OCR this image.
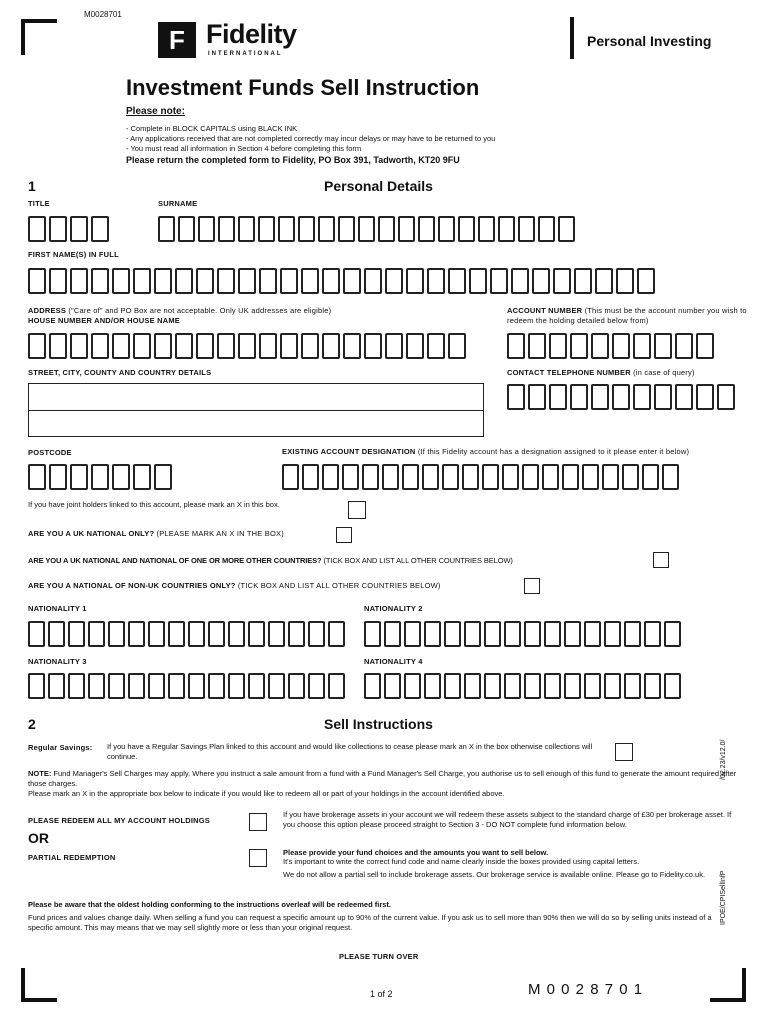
M0028701
F Fidelity
INTERNATIONAL
Personal Investing
Investment Funds Sell Instruction
Please note:
- Complete in BLOCK CAPITALS using BLACK INK
- Any applications received that are not completed correctly may incur delays or may have to be returned to you
- You must read all information in Section 4 before completing this form
Please return the completed form to Fidelity, PO Box 391, Tadworth, KT20 9FU
1	Personal Details
TITLE	SURNAME
FIRST NAME(S) IN FULL
ADDRESS ("Care of" and PO Box are not acceptable. Only UK addresses are eligible)
HOUSE NUMBER AND/OR HOUSE NAME
ACCOUNT NUMBER (This must be the account number you wish to redeem the holding detailed below from)
STREET, CITY, COUNTY AND COUNTRY DETAILS	CONTACT TELEPHONE NUMBER (in case of query)
POSTCODE	EXISTING ACCOUNT DESIGNATION (If this Fidelity account has a designation assigned to it please enter it below)
If you have joint holders linked to this account, please mark an X in this box.
ARE YOU A UK NATIONAL ONLY? (PLEASE MARK AN X IN THE BOX)
ARE YOU A UK NATIONAL AND NATIONAL OF ONE OR MORE OTHER COUNTRIES? (TICK BOX AND LIST ALL OTHER COUNTRIES BELOW)
ARE YOU A NATIONAL OF NON-UK COUNTRIES ONLY? (TICK BOX AND LIST ALL OTHER COUNTRIES BELOW)
NATIONALITY 1	NATIONALITY 2
NATIONALITY 3	NATIONALITY 4
2	Sell Instructions
Regular Savings: If you have a Regular Savings Plan linked to this account and would like collections to cease please mark an X in the box otherwise collections will continue.
NOTE: Fund Manager's Sell Charges may apply. Where you instruct a sale amount from a fund with a Fund Manager's Sell Charge, you authorise us to sell enough of this fund to generate the amount required after those charges.
Please mark an X in the appropriate box below to indicate if you would like to redeem all or part of your holdings in the account identified above.
PLEASE REDEEM ALL MY ACCOUNT HOLDINGS
If you have brokerage assets in your account we will redeem these assets subject to the standard charge of £30 per brokerage asset. If you choose this option please proceed straight to Section 3 - DO NOT complete fund information below.
OR
PARTIAL REDEMPTION
Please provide your fund choices and the amounts you want to sell below.
It's important to write the correct fund code and name clearly inside the boxes provided using capital letters.
We do not allow a partial sell to include brokerage assets. Our brokerage service is available online. Please go to Fidelity.co.uk.
Please be aware that the oldest holding conforming to the instructions overleaf will be redeemed first.
Fund prices and values change daily. When selling a fund you can request a specific amount up to 90% of the current value. If you ask us to sell more than 90% then we will do so by selling units instead of a specific amount. This may means that we may sell slightly more or less than your original request.
/02.23/v12.0/
IPOE/CPISellInfP
PLEASE TURN OVER
1 of 2	M 0 0 2 8 7 0 1
